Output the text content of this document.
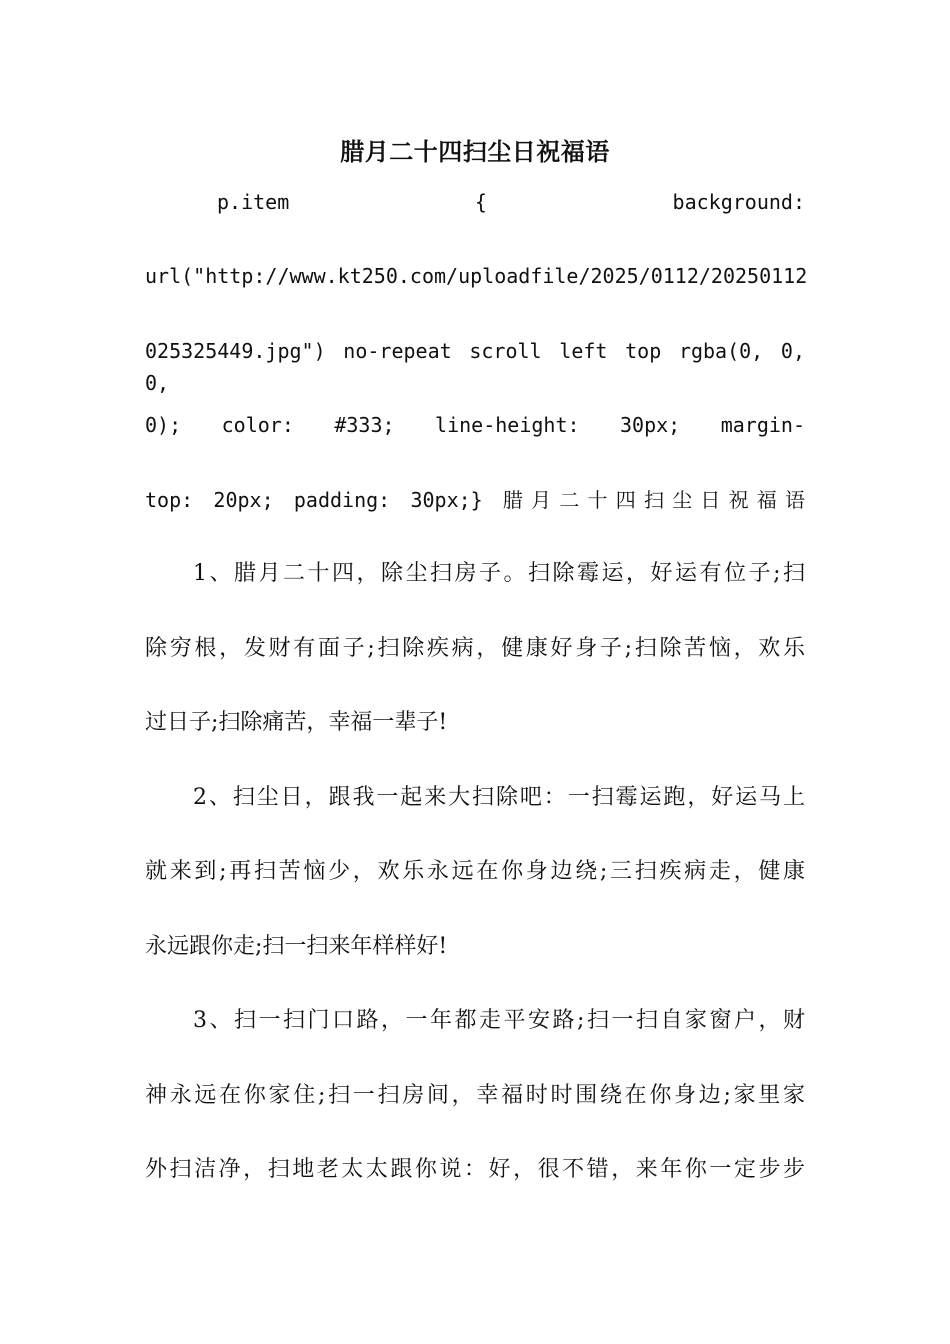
腊月二十四扫尘日祝福语
p.item { background:
url("http://www.kt250.com/uploadfile/2025/0112/20250112
025325449.jpg") no-repeat scroll left top rgba(0, 0, 0,
0); color: #333; line-height: 30px; margin-
top: 20px; padding: 30px;} 腊月二十四扫尘日祝福语
1、腊月二十四，除尘扫房子。扫除霉运，好运有位子;扫
除穷根，发财有面子;扫除疾病，健康好身子;扫除苦恼，欢乐
过日子;扫除痛苦，幸福一辈子!
2、扫尘日，跟我一起来大扫除吧：一扫霉运跑，好运马上
就来到;再扫苦恼少，欢乐永远在你身边绕;三扫疾病走，健康
永远跟你走;扫一扫来年样样好!
3、扫一扫门口路，一年都走平安路;扫一扫自家窗户，财
神永远在你家住;扫一扫房间，幸福时时围绕在你身边;家里家
外扫洁净，扫地老太太跟你说：好，很不错，来年你一定步步
